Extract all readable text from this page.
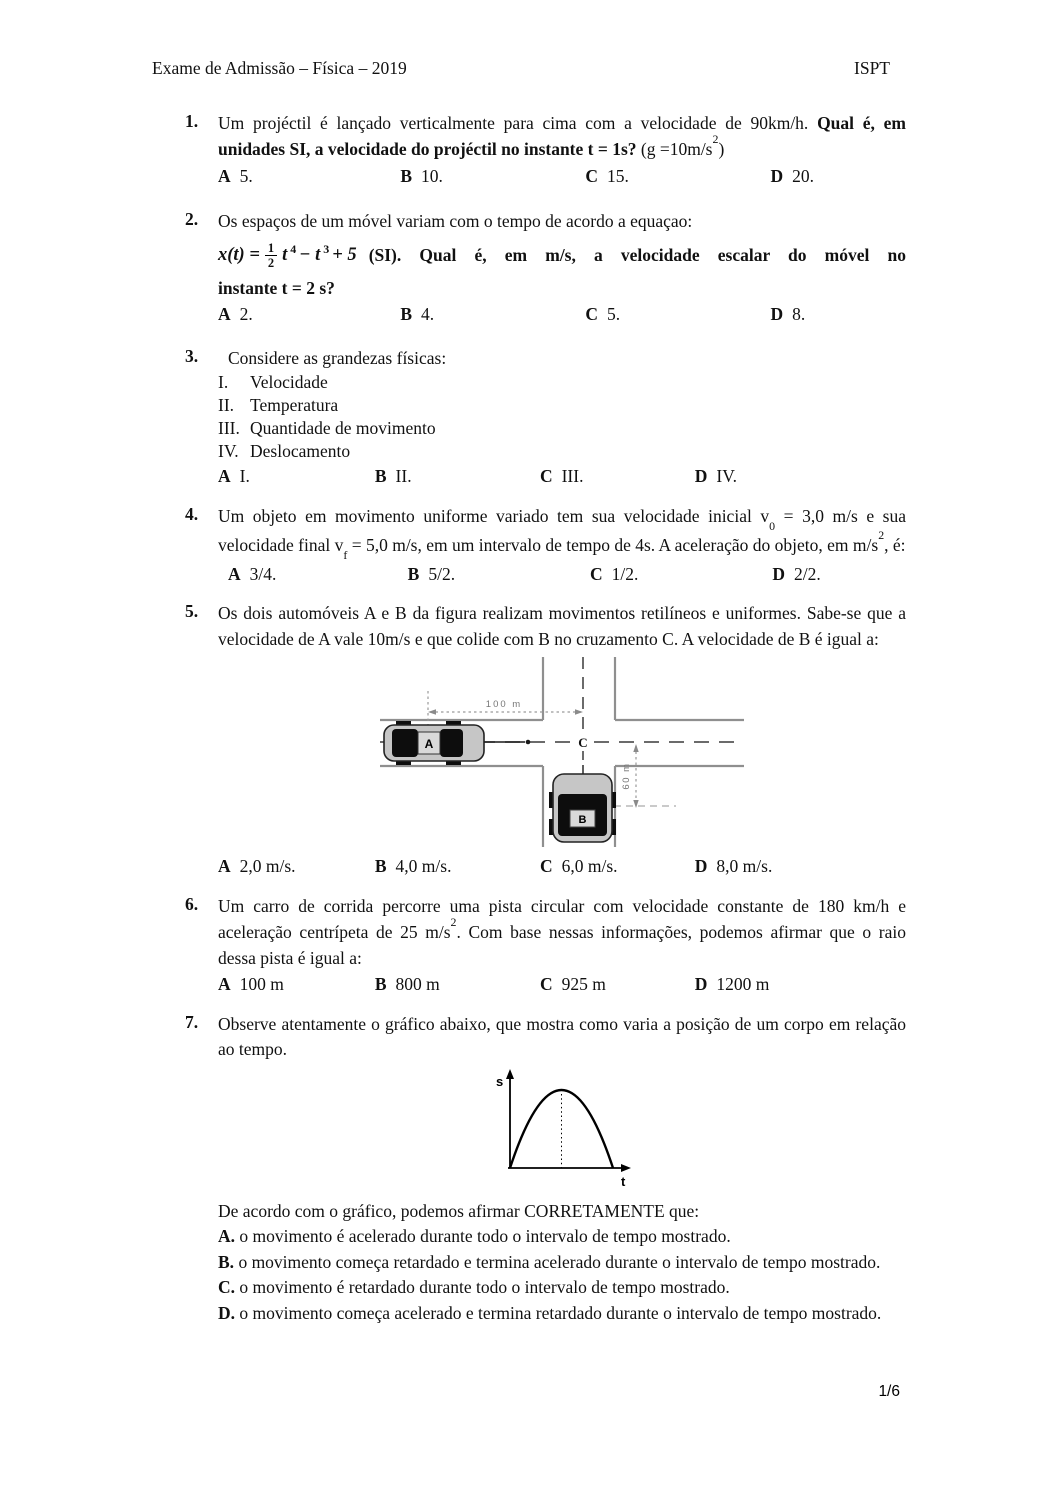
Exame de Admissão – Física – 2019	ISPT
1.	Um projéctil é lançado verticalmente para cima com a velocidade de 90km/h. Qual é, em unidades SI, a velocidade do projéctil no instante t = 1s? $(g =10m/s^2)$

A 5.	B 10.	C 15.	D 20.
2.	Os espaços de um móvel variam com o tempo de acordo a equaçao:

$x(t) = \frac{1}{2}$ t $^4$ − t $^3$ + 5 (SI). Qual é, em m/s, a velocidade escalar do móvel no

instante t = 2 s?

A 2.	B 4.	C 5.	D 8.
3.	Considere as grandezas físicas:

I. Velocidade
II. Temperatura
III. Quantidade de movimento
IV. Deslocamento
A I.	B II.	C III.	D IV.
4.	Um objeto em movimento uniforme variado tem sua velocidade inicial $v_0 = 3,0$ m/s e sua velocidade final $v_f = 5,0$ m/s, em um intervalo de tempo de 4s. A aceleração do objeto, em $m/s^2$, é:

A 3/4.	B 5/2.	C 1/2.	D 2/2.
5.	Os dois automóveis A e B da figura realizam movimentos retilíneos e uniformes. Sabe-se que a velocidade de A vale 10m/s e que colide com B no cruzamento C. A velocidade de B é igual a:

100 m
60 m
A
B
C
A 2,0 m/s.	B 4,0 m/s.	C 6,0 m/s.	D 8,0 m/s.
6.	Um carro de corrida percorre uma pista circular com velocidade constante de 180 km/h e aceleração centrípeta de 25 $m/s^2$. Com base nessas informações, podemos afirmar que o raio dessa pista é igual a:

A 100 m	B 800 m	C 925 m	D 1200 m
7.	Observe atentamente o gráfico abaixo, que mostra como varia a posição de um corpo em relação ao tempo.

s
t

De acordo com o gráfico, podemos afirmar CORRETAMENTE que:

A. o movimento é acelerado durante todo o intervalo de tempo mostrado.

B. o movimento começa retardado e termina acelerado durante o intervalo de tempo mostrado.

C. o movimento é retardado durante todo o intervalo de tempo mostrado.

D. o movimento começa acelerado e termina retardado durante o intervalo de tempo mostrado.

1/6
